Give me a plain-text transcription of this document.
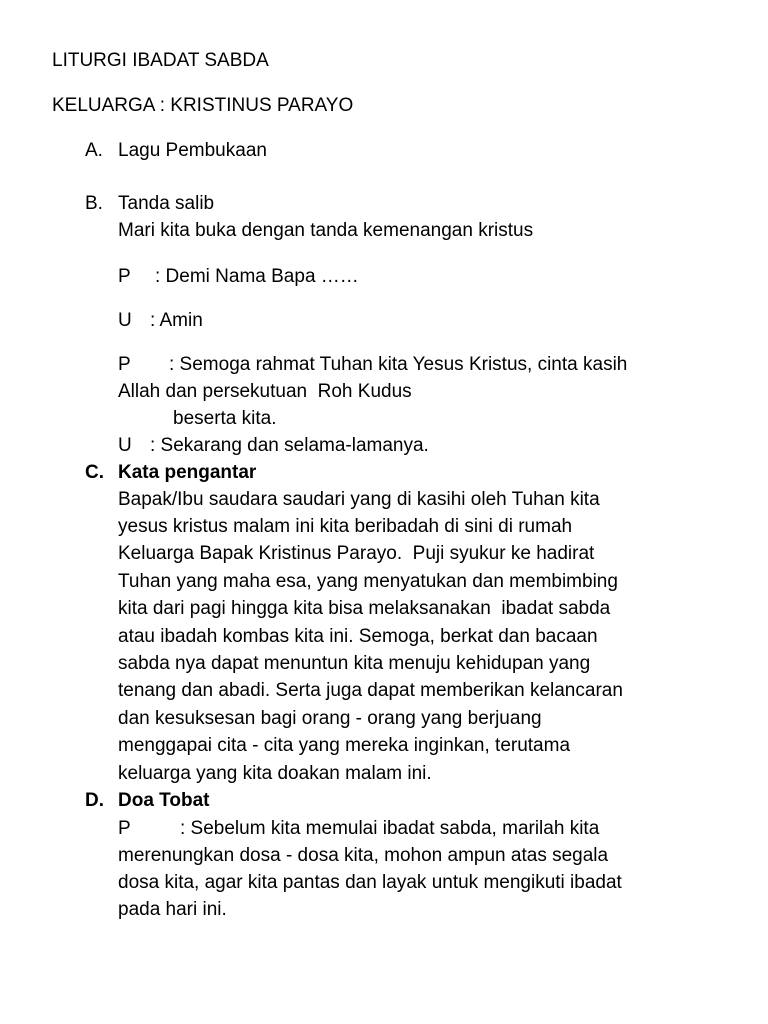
LITURGI IBADAT SABDA
KELUARGA : KRISTINUS PARAYO
A. Lagu Pembukaan
B. Tanda salib
Mari kita buka dengan tanda kemenangan kristus
P : Demi Nama Bapa ……
U : Amin
P : Semoga rahmat Tuhan kita Yesus Kristus, cinta kasih
Allah dan persekutuan  Roh Kudus
beserta kita.
U : Sekarang dan selama-lamanya.
C. Kata pengantar
Bapak/Ibu saudara saudari yang di kasihi oleh Tuhan kita
yesus kristus malam ini kita beribadah di sini di rumah
Keluarga Bapak Kristinus Parayo.  Puji syukur ke hadirat
Tuhan yang maha esa, yang menyatukan dan membimbing
kita dari pagi hingga kita bisa melaksanakan  ibadat sabda
atau ibadah kombas kita ini. Semoga, berkat dan bacaan
sabda nya dapat menuntun kita menuju kehidupan yang
tenang dan abadi. Serta juga dapat memberikan kelancaran
dan kesuksesan bagi orang - orang yang berjuang
menggapai cita - cita yang mereka inginkan, terutama
keluarga yang kita doakan malam ini.
D. Doa Tobat
P	: Sebelum kita memulai ibadat sabda, marilah kita
merenungkan dosa - dosa kita, mohon ampun atas segala
dosa kita, agar kita pantas dan layak untuk mengikuti ibadat
pada hari ini.
